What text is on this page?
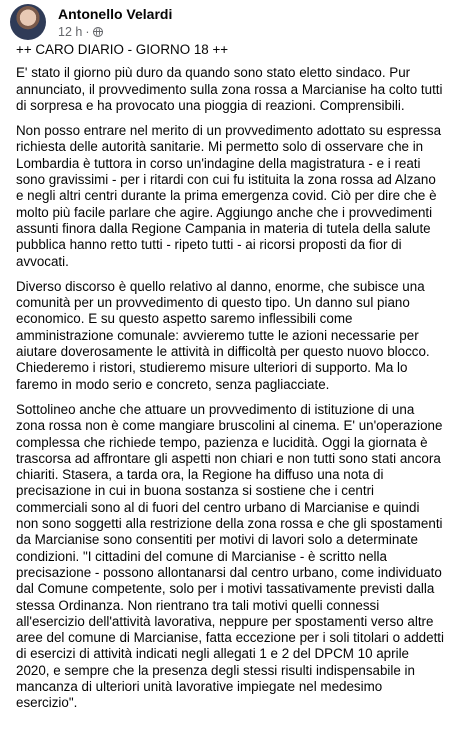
Antonello Velardi
12 h ·

++ CARO DIARIO - GIORNO 18 ++

E' stato il giorno più duro da quando sono stato eletto sindaco. Pur annunciato, il provvedimento sulla zona rossa a Marcianise ha colto tutti di sorpresa e ha provocato una pioggia di reazioni. Comprensibili.

Non posso entrare nel merito di un provvedimento adottato su espressa richiesta delle autorità sanitarie. Mi permetto solo di osservare che in Lombardia è tuttora in corso un'indagine della magistratura - e i reati sono gravissimi - per i ritardi con cui fu istituita la zona rossa ad Alzano e negli altri centri durante la prima emergenza covid. Ciò per dire che è molto più facile parlare che agire. Aggiungo anche che i provvedimenti assunti finora dalla Regione Campania in materia di tutela della salute pubblica hanno retto tutti - ripeto tutti - ai ricorsi proposti da fior di avvocati.

Diverso discorso è quello relativo al danno, enorme, che subisce una comunità per un provvedimento di questo tipo. Un danno sul piano economico. E su questo aspetto saremo inflessibili come amministrazione comunale: avvieremo tutte le azioni necessarie per aiutare doverosamente le attività in difficoltà per questo nuovo blocco. Chiederemo i ristori, studieremo misure ulteriori di supporto. Ma lo faremo in modo serio e concreto, senza pagliacciate.

Sottolineo anche che attuare un provvedimento di istituzione di una zona rossa non è come mangiare bruscolini al cinema. E' un'operazione complessa che richiede tempo, pazienza e lucidità. Oggi la giornata è trascorsa ad affrontare gli aspetti non chiari e non tutti sono stati ancora chiariti. Stasera, a tarda ora, la Regione ha diffuso una nota di precisazione in cui in buona sostanza si sostiene che i centri commerciali sono al di fuori del centro urbano di Marcianise e quindi non sono soggetti alla restrizione della zona rossa e che gli spostamenti da Marcianise sono consentiti per motivi di lavori solo a determinate condizioni. "I cittadini del comune di Marcianise - è scritto nella precisazione - possono allontanarsi dal centro urbano, come individuato dal Comune competente, solo per i motivi tassativamente previsti dalla stessa Ordinanza. Non rientrano tra tali motivi quelli connessi all'esercizio dell'attività lavorativa, neppure per spostamenti verso altre aree del comune di Marcianise, fatta eccezione per i soli titolari o addetti di esercizi di attività indicati negli allegati 1 e 2 del DPCM 10 aprile 2020, e sempre che la presenza degli stessi risulti indispensabile in mancanza di ulteriori unità lavorative impiegate nel medesimo esercizio".
